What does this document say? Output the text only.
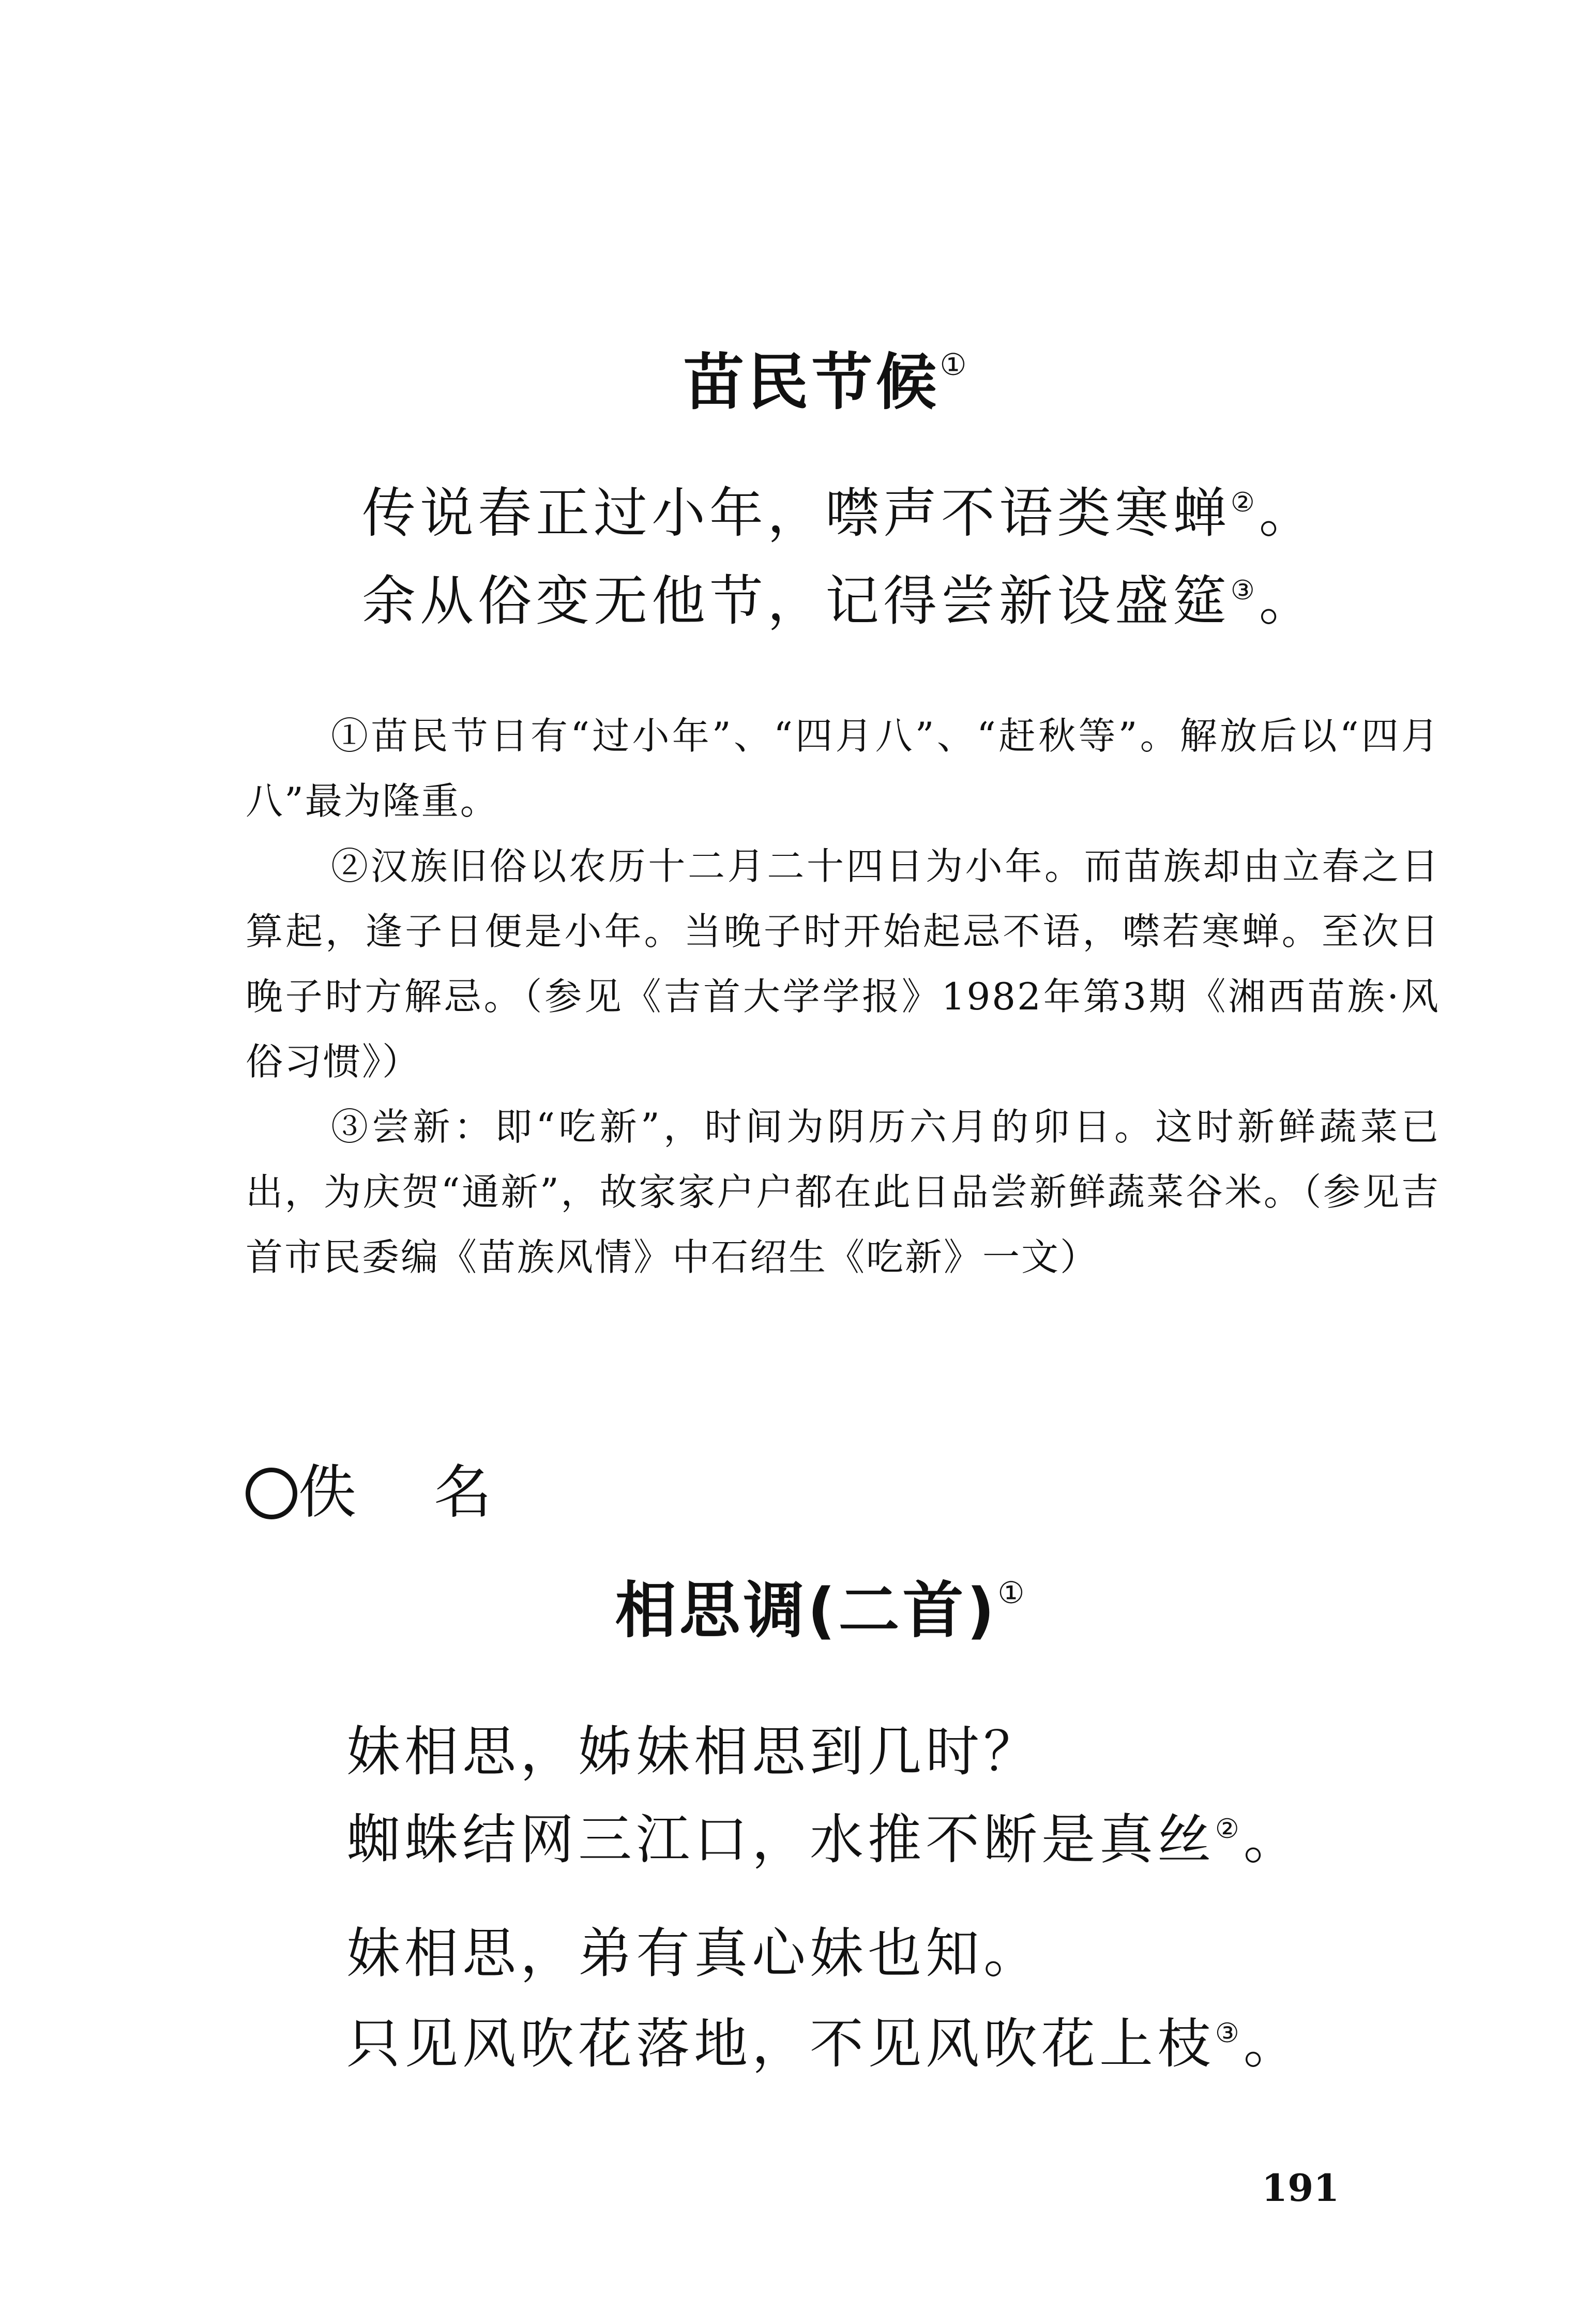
苗民节候①
传说春正过小年，噤声不语类寒蝉②。
余从俗变无他节，记得尝新设盛筵③。

①苗民节日有“过小年”、“四月八”、“赶秋等”。解放后以“四月八”最为隆重。

②汉族旧俗以农历十二月二十四日为小年。而苗族却由立春之日算起，逢子日便是小年。当晚子时开始起忌不语，噤若寒蝉。至次日晚子时方解忌。（参见《吉首大学学报》1982年第3期《湘西苗族·风俗习惯》）

③尝新：即“吃新”，时间为阴历六月的卯日。这时新鲜蔬菜已出，为庆贺“通新”，故家家户户都在此日品尝新鲜蔬菜谷米。（参见吉首市民委编《苗族风情》中石绍生《吃新》一文）

佚名
相思调(二首)①
妹相思，姊妹相思到几时？
蜘蛛结网三江口，水推不断是真丝②。
妹相思，弟有真心妹也知。
只见风吹花落地，不见风吹花上枝③。
191
